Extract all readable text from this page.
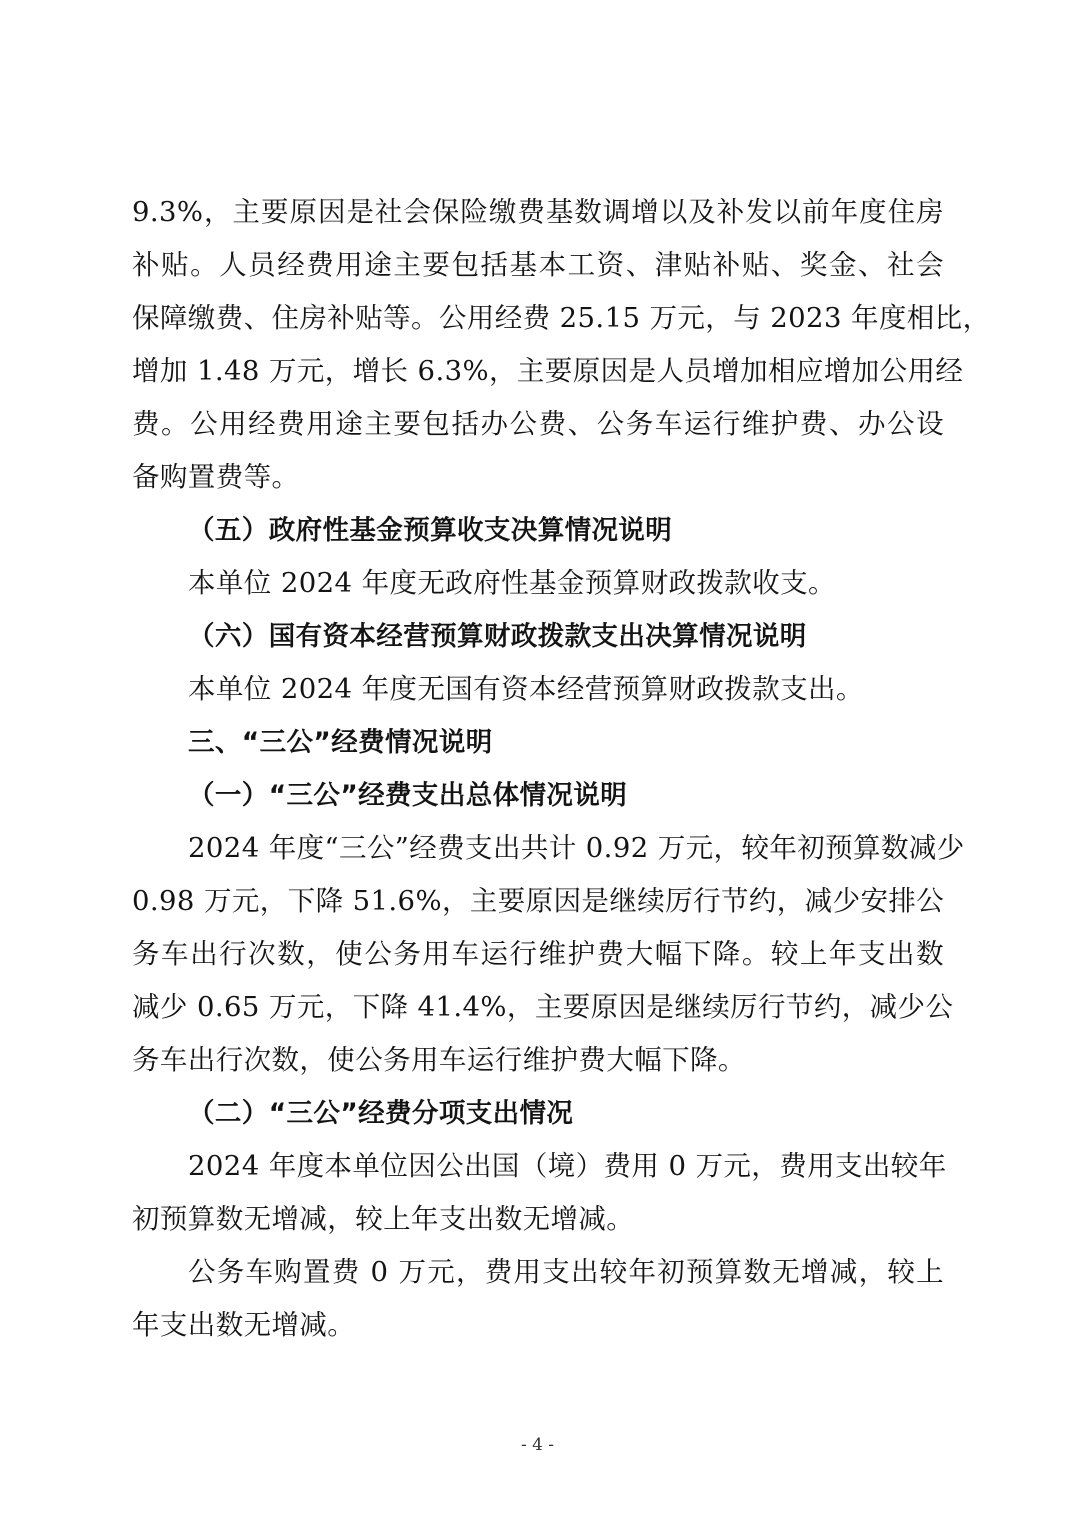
9.3%，主要原因是社会保险缴费基数调增以及补发以前年度住房
补贴。人员经费用途主要包括基本工资、津贴补贴、奖金、社会
保障缴费、住房补贴等。公用经费 25.15 万元，与 2023 年度相比，
增加 1.48 万元，增长 6.3%，主要原因是人员增加相应增加公用经
费。公用经费用途主要包括办公费、公务车运行维护费、办公设
备购置费等。
（五）政府性基金预算收支决算情况说明
本单位 2024 年度无政府性基金预算财政拨款收支。
（六）国有资本经营预算财政拨款支出决算情况说明
本单位 2024 年度无国有资本经营预算财政拨款支出。
三、“三公”经费情况说明
（一）“三公”经费支出总体情况说明
2024 年度“三公”经费支出共计 0.92 万元，较年初预算数减少
0.98 万元，下降 51.6%，主要原因是继续厉行节约，减少安排公
务车出行次数，使公务用车运行维护费大幅下降。较上年支出数
减少 0.65 万元，下降 41.4%，主要原因是继续厉行节约，减少公
务车出行次数，使公务用车运行维护费大幅下降。
（二）“三公”经费分项支出情况
2024 年度本单位因公出国（境）费用 0 万元，费用支出较年
初预算数无增减，较上年支出数无增减。
公务车购置费 0 万元，费用支出较年初预算数无增减，较上
年支出数无增减。
- 4 -
